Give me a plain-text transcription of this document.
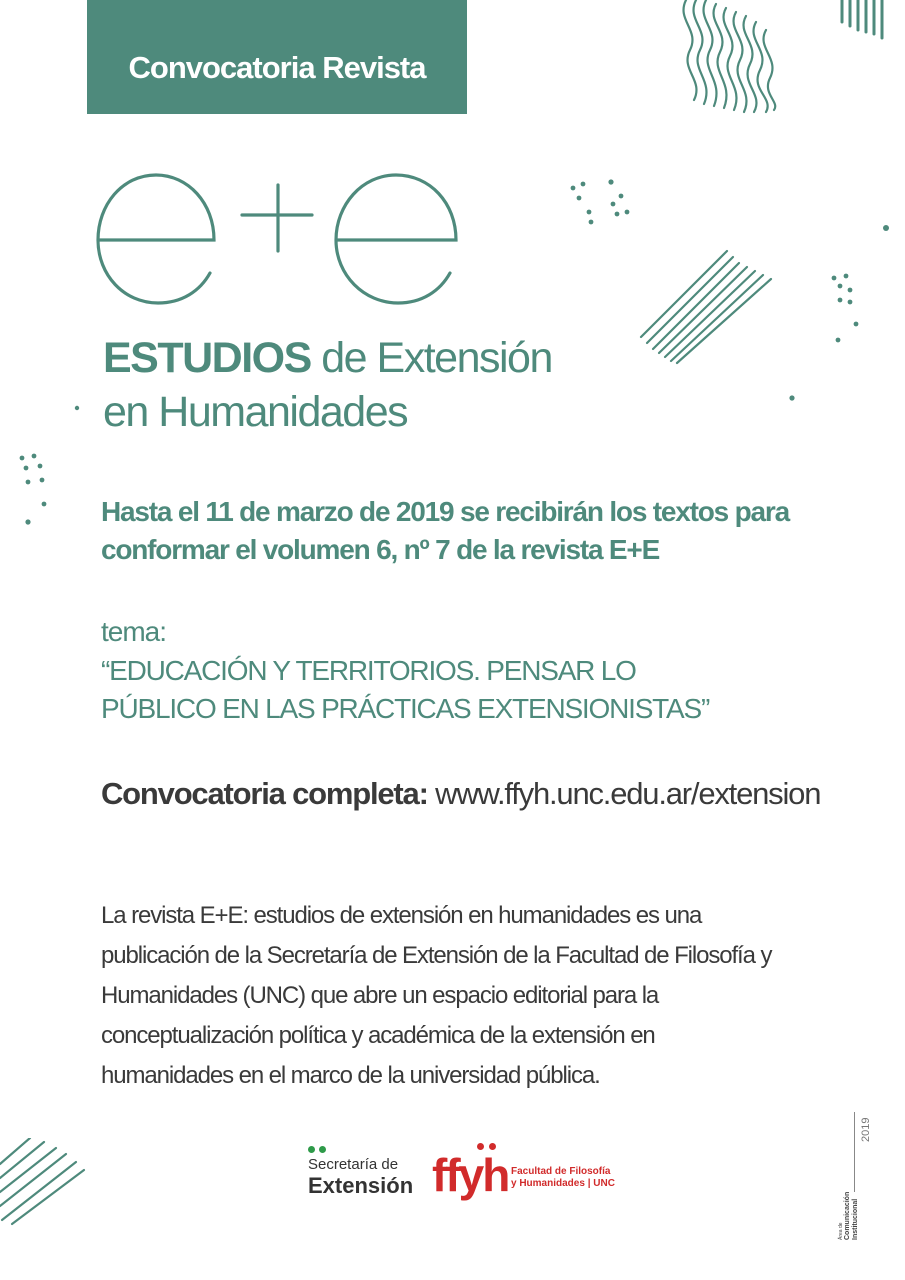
Convocatoria Revista
ESTUDIOS de Extensión
en Humanidades
Hasta el 11 de marzo de 2019 se recibirán los textos para
conformar el volumen 6, nº 7 de la revista E+E
tema:
“EDUCACIÓN Y TERRITORIOS. PENSAR LO PÚBLICO EN LAS PRÁCTICAS EXTENSIONISTAS”
Convocatoria completa: www.ffyh.unc.edu.ar/extension
La revista E+E: estudios de extensión en humanidades es una publicación de la Secretaría de Extensión de la Facultad de Filosofía y Humanidades (UNC) que abre un espacio editorial para la conceptualización política y académica de la extensión en humanidades en el marco de la universidad pública.
Secretaría de
Extensión ffyh Facultad de Filosofía
y Humanidades | UNC
Área de Comunicación Institucional
2019
